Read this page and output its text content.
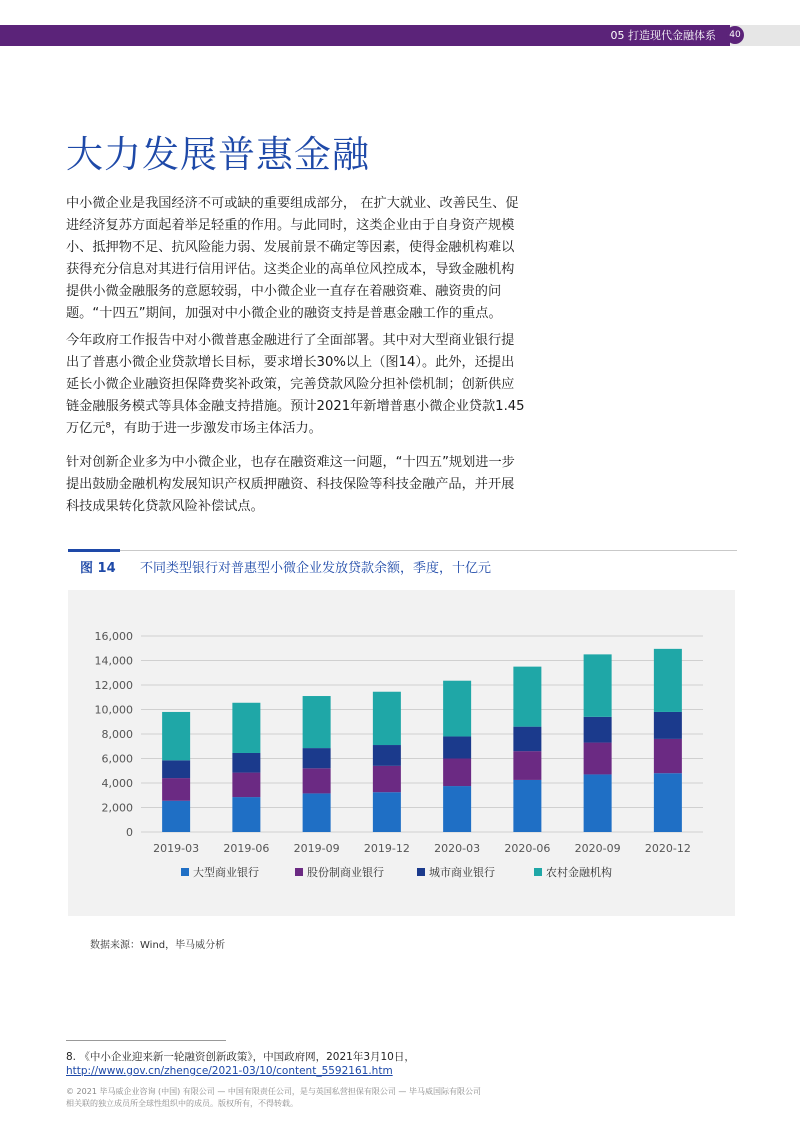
05 打造现代金融体系	40
大力发展普惠金融

中小微企业是我国经济不可或缺的重要组成部分， 在扩大就业、改善民生、促进经济复苏方面起着举足轻重的作用。与此同时，这类企业由于自身资产规模小、抵押物不足、抗风险能力弱、发展前景不确定等因素，使得金融机构难以获得充分信息对其进行信用评估。这类企业的高单位风控成本，导致金融机构提供小微金融服务的意愿较弱，中小微企业一直存在着融资难、融资贵的问题。“十四五”期间，加强对中小微企业的融资支持是普惠金融工作的重点。

今年政府工作报告中对小微普惠金融进行了全面部署。其中对大型商业银行提出了普惠小微企业贷款增长目标，要求增长30%以上（图14）。此外，还提出延长小微企业融资担保降费奖补政策，完善贷款风险分担补偿机制；创新供应链金融服务模式等具体金融支持措施。预计2021年新增普惠小微企业贷款1.45万亿元⁸，有助于进一步激发市场主体活力。

针对创新企业多为中小微企业，也存在融资难这一问题，“十四五”规划进一步提出鼓励金融机构发展知识产权质押融资、科技保险等科技金融产品，并开展科技成果转化贷款风险补偿试点。

图 14 不同类型银行对普惠型小微企业发放贷款余额，季度，十亿元
0
2,000
4,000
6,000
8,000
10,000
12,000
14,000
16,000
2019-03 2019-06 2019-09 2019-12 2020-03 2020-06 2020-09 2020-12
大型商业银行	股份制商业银行	城市商业银行	农村金融机构
数据来源：Wind，毕马威分析
8. 《中小企业迎来新一轮融资创新政策》，中国政府网，2021年3月10日，
http://www.gov.cn/zhengce/2021-03/10/content_5592161.htm
© 2021 毕马威企业咨询 (中国) 有限公司 — 中国有限责任公司，是与英国私营担保有限公司 — 毕马威国际有限公司
相关联的独立成员所全球性组织中的成员。版权所有，不得转载。
